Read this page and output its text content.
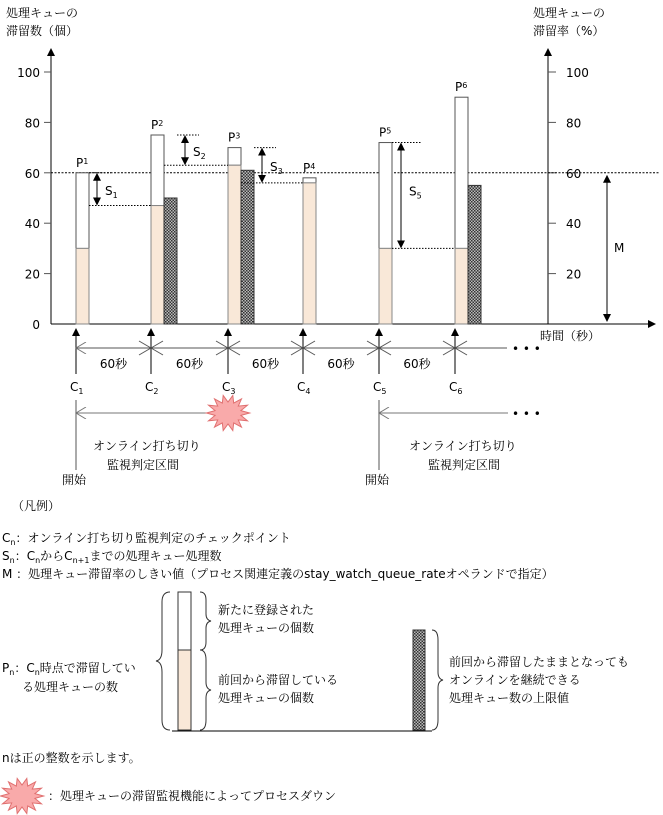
処理キューの
滞留数（個）
処理キューの
滞留率（%）
0
20
40
60
80
100
20
40
60
80
100
$P^1$
$P^2$
$P^3$
$P^4$
$P^5$
$P^6$
$S_1$
$S_2$
$S_3$
$S_5$
時間（秒）
M
$C_1$	$C_2$	$C_3$	$C_4$	$C_5$	$C_6$
60秒	60秒	60秒	60秒	60秒
• • •
• • •
オンライン打ち切り
監視判定区間
開始
オンライン打ち切り
監視判定区間
開始
（凡例）
$C_n$：オンライン打ち切り監視判定のチェックポイント
$S_n$：$C_n$から$C_{n+1}$までの処理キュー処理数
M ：処理キュー滞留率のしきい値（プロセス関連定義のstay_watch_queue_rateオペランドで指定）
$P_n$：$C_n$時点で滞留してい
る処理キューの数
新たに登録された
処理キューの個数
前回から滞留している
処理キューの個数
前回から滞留したままとなっても
オンラインを継続できる
処理キュー数の上限値
nは正の整数を示します。
：処理キューの滞留監視機能によってプロセスダウン
